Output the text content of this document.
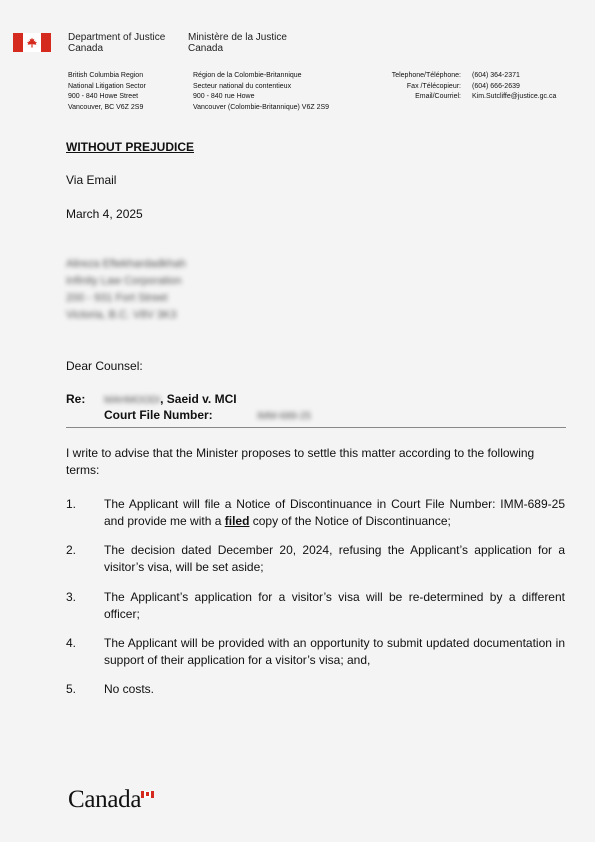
Department of Justice
Canada
Ministère de la Justice
Canada
British Columbia Region
National Litigation Sector
900 - 840 Howe Street
Vancouver, BC V6Z 2S9
Région de la Colombie-Britannique
Secteur national du contentieux
900 - 840 rue Howe
Vancouver (Colombie-Britannique) V6Z 2S9
Telephone/Téléphone:
Fax /Télécopieur:
Email/Courriel:
(604) 364-2371
(604) 666-2639
Kim.Sutcliffe@justice.gc.ca
WITHOUT PREJUDICE
Via Email
March 4, 2025
Alireza Eftekhardadkhah
Infinity Law Corporation
200 - 931 Fort Street
Victoria, B.C. V8V 3K3
Dear Counsel:
Re: MAHMOODI, Saeid v. MCI
Court File Number:	IMM-689-25
I write to advise that the Minister proposes to settle this matter according to the following terms:
1. The Applicant will file a Notice of Discontinuance in Court File Number: IMM-689-25 and provide me with a filed copy of the Notice of Discontinuance;
2. The decision dated December 20, 2024, refusing the Applicant’s application for a visitor’s visa, will be set aside;
3. The Applicant’s application for a visitor’s visa will be re-determined by a different officer;
4. The Applicant will be provided with an opportunity to submit updated documentation in support of their application for a visitor’s visa; and,
5. No costs.
Canada
